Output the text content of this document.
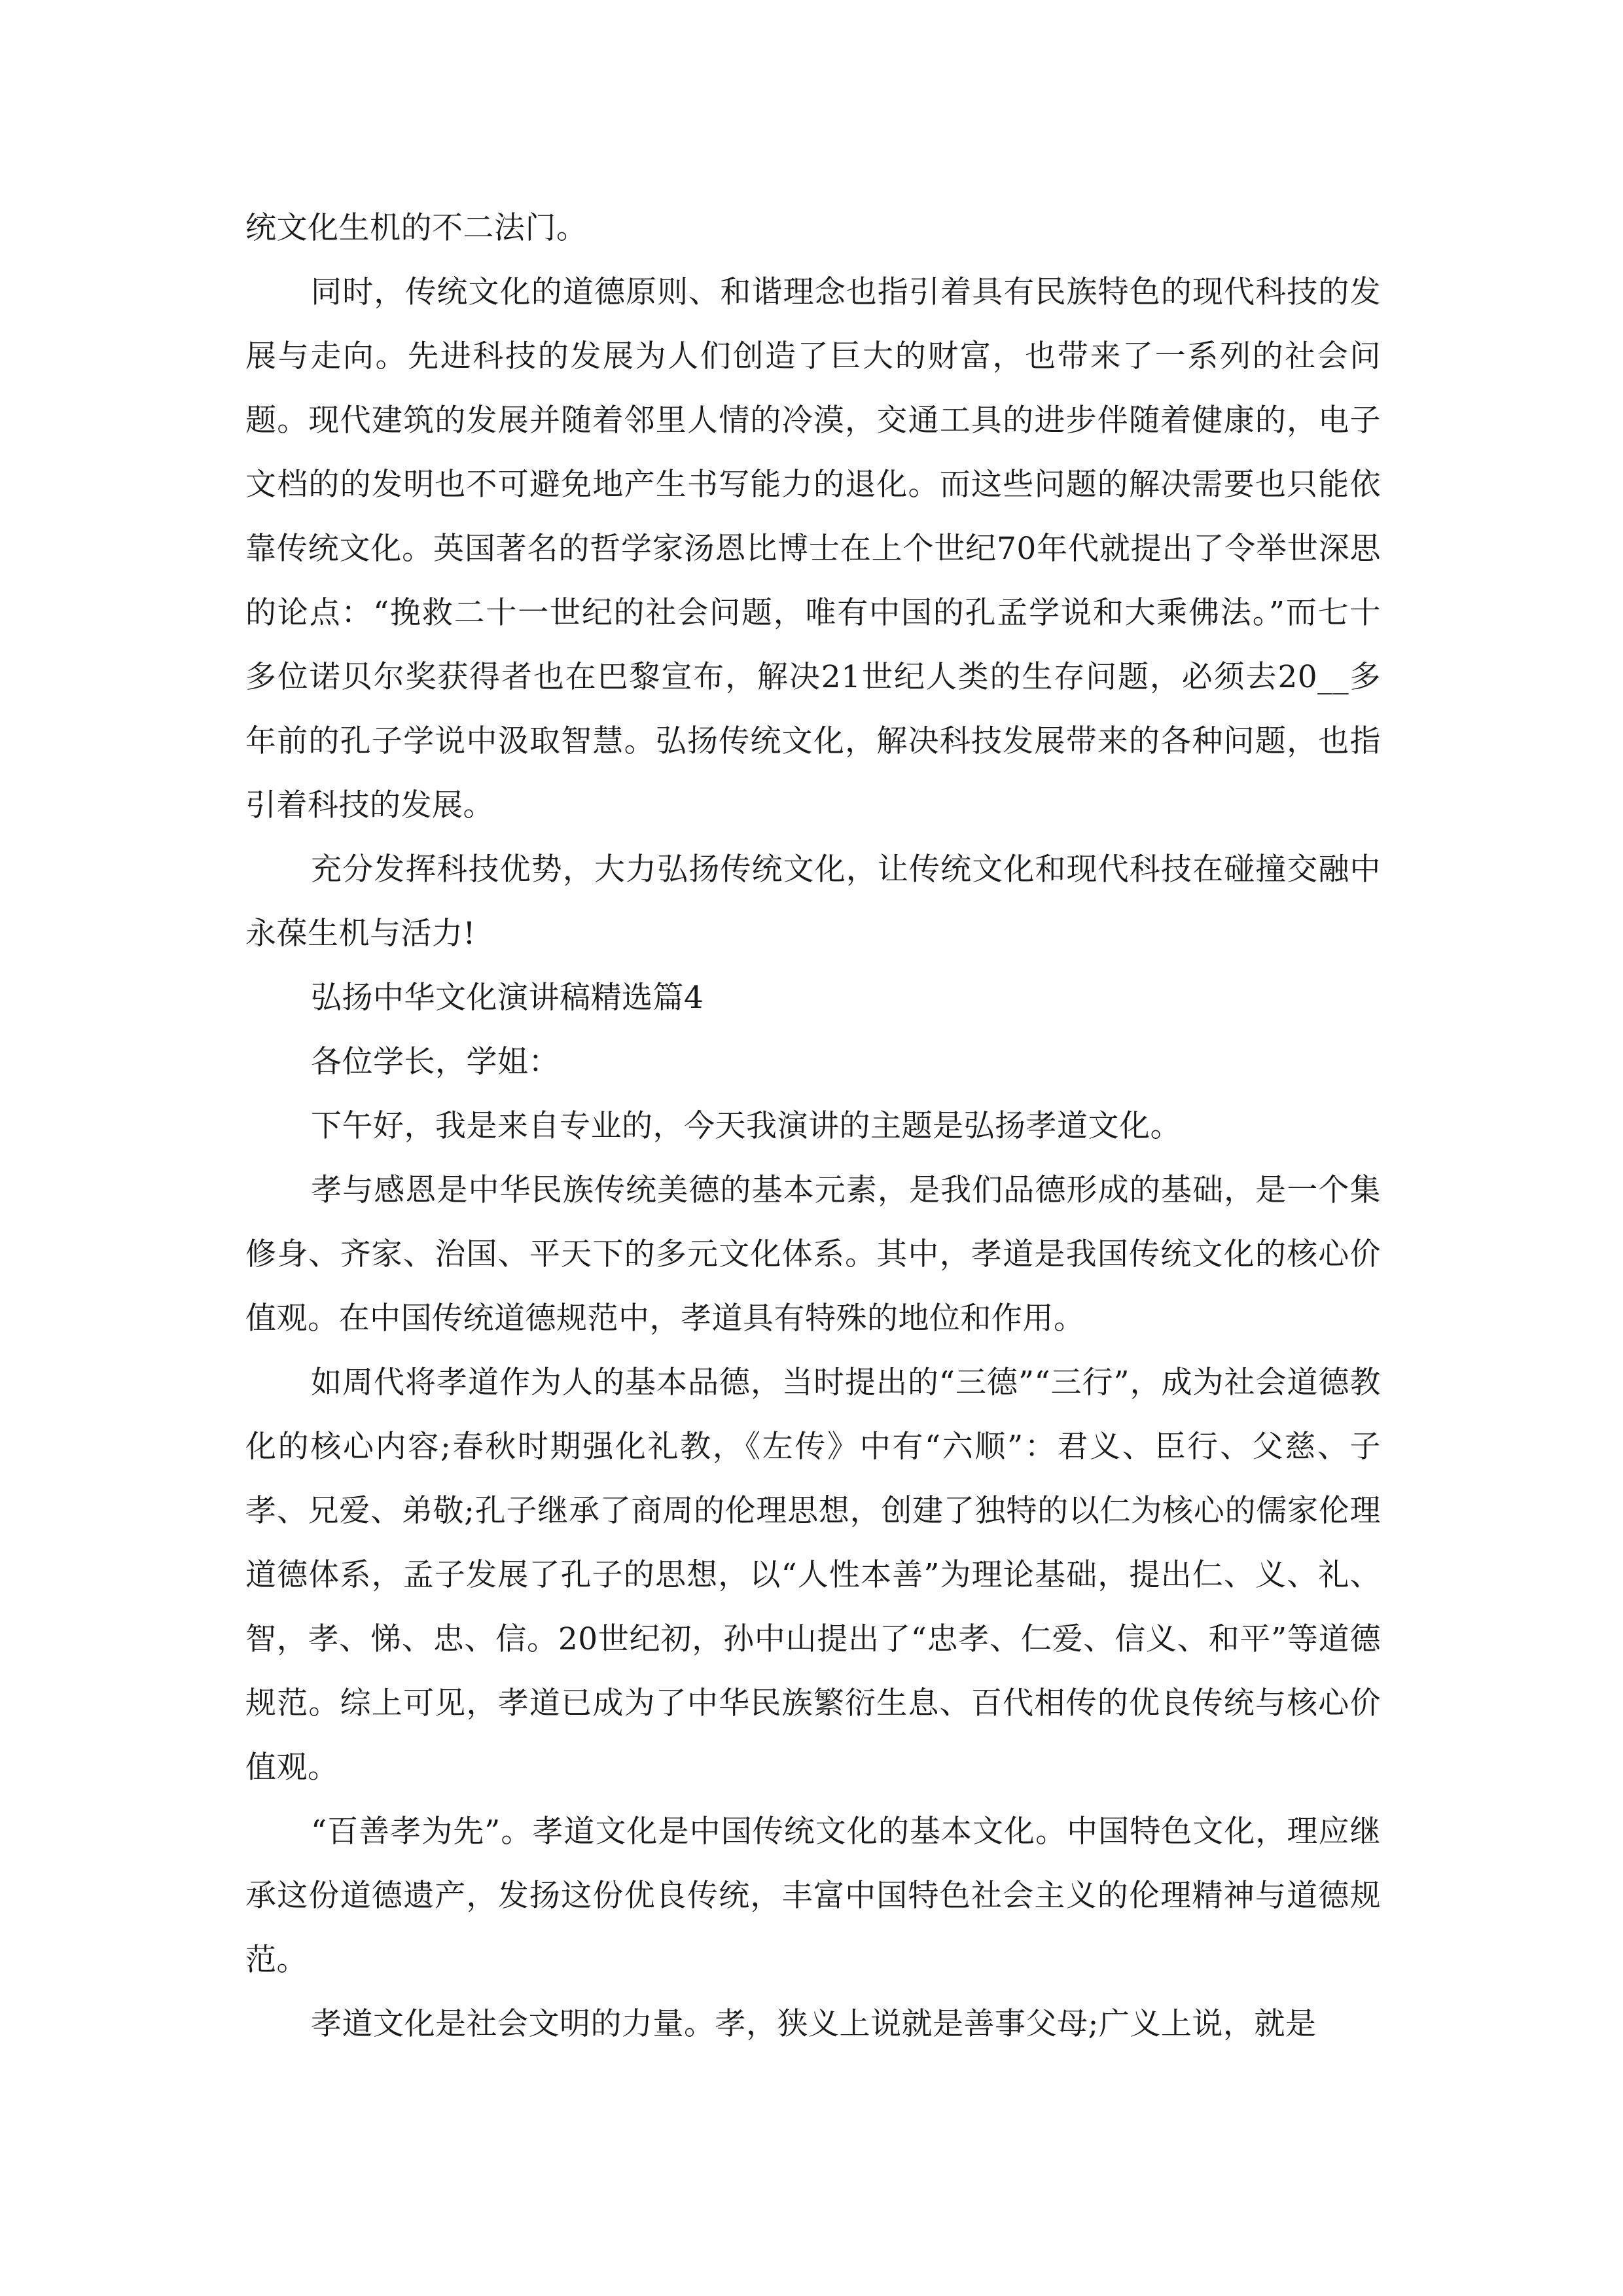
统文化生机的不二法门。

同时，传统文化的道德原则、和谐理念也指引着具有民族特色的现代科技的发展与走向。先进科技的发展为人们创造了巨大的财富，也带来了一系列的社会问题。现代建筑的发展并随着邻里人情的冷漠，交通工具的进步伴随着健康的，电子文档的的发明也不可避免地产生书写能力的退化。而这些问题的解决需要也只能依靠传统文化。英国著名的哲学家汤恩比博士在上个世纪70年代就提出了令举世深思的论点：“挽救二十一世纪的社会问题，唯有中国的孔孟学说和大乘佛法。”而七十多位诺贝尔奖获得者也在巴黎宣布，解决21世纪人类的生存问题，必须去20__多年前的孔子学说中汲取智慧。弘扬传统文化，解决科技发展带来的各种问题，也指引着科技的发展。

充分发挥科技优势，大力弘扬传统文化，让传统文化和现代科技在碰撞交融中永葆生机与活力!

弘扬中华文化演讲稿精选篇4

各位学长，学姐：

下午好，我是来自专业的，今天我演讲的主题是弘扬孝道文化。

孝与感恩是中华民族传统美德的基本元素，是我们品德形成的基础，是一个集修身、齐家、治国、平天下的多元文化体系。其中，孝道是我国传统文化的核心价值观。在中国传统道德规范中，孝道具有特殊的地位和作用。

如周代将孝道作为人的基本品德，当时提出的“三德”“三行”，成为社会道德教化的核心内容;春秋时期强化礼教，《左传》中有“六顺”：君义、臣行、父慈、子孝、兄爱、弟敬;孔子继承了商周的伦理思想，创建了独特的以仁为核心的儒家伦理道德体系，孟子发展了孔子的思想，以“人性本善”为理论基础，提出仁、义、礼、智，孝、悌、忠、信。20世纪初，孙中山提出了“忠孝、仁爱、信义、和平”等道德规范。综上可见，孝道已成为了中华民族繁衍生息、百代相传的优良传统与核心价值观。

“百善孝为先”。孝道文化是中国传统文化的基本文化。中国特色文化，理应继承这份道德遗产，发扬这份优良传统，丰富中国特色社会主义的伦理精神与道德规范。

孝道文化是社会文明的力量。孝，狭义上说就是善事父母;广义上说，就是
